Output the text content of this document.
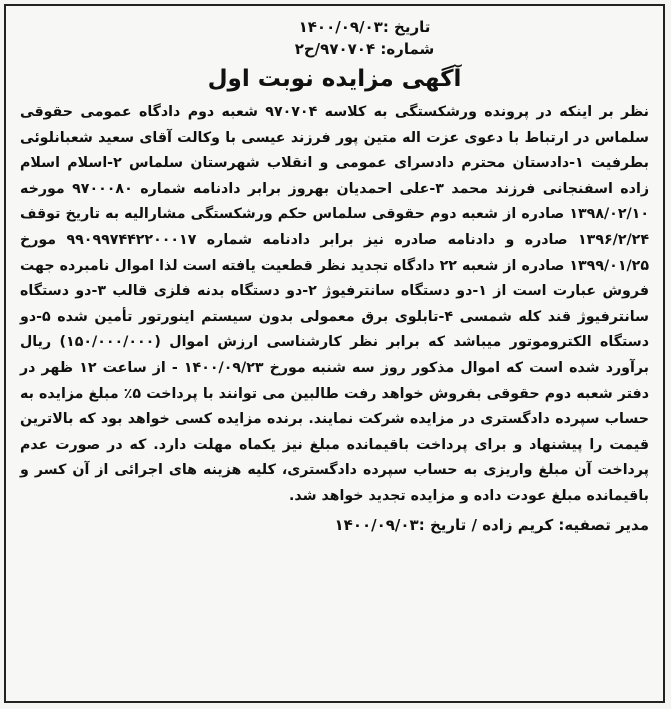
تاریخ :۱۴۰۰/۰۹/۰۳
شماره: ۹۷۰۷۰۴/ح۲
آگهی مزایده نوبت اول

نظر بر اینکه در پرونده ورشکستگی به کلاسه ۹۷۰۷۰۴ شعبه دوم دادگاه عمومی حقوقی سلماس در ارتباط با دعوی عزت اله متین پور فرزند عیسی با وکالت آقای سعید شعبانلوئی بطرفیت ۱-دادستان محترم دادسرای عمومی و انقلاب شهرستان سلماس ۲-اسلام اسلام زاده اسفنجانی فرزند محمد ۳-علی احمدیان بهروز برابر دادنامه شماره ۹۷۰۰۰۸۰ مورخه ۱۳۹۸/۰۲/۱۰ صادره از شعبه دوم حقوقی سلماس حکم ورشکستگی مشارالیه به تاریخ توقف ۱۳۹۶/۲/۲۴ صادره و دادنامه صادره نیز برابر دادنامه شماره ۹۹۰۹۹۷۴۴۲۲۰۰۰۱۷ مورخ ۱۳۹۹/۰۱/۲۵ صادره از شعبه ۲۲ دادگاه تجدید نظر قطعیت یافته است لذا اموال نامبرده جهت فروش عبارت است از ۱-دو دستگاه سانترفیوژ ۲-دو دستگاه بدنه فلزی قالب ۳-دو دستگاه سانترفیوژ قند کله شمسی ۴-تابلوی برق معمولی بدون سیستم اینورتور تأمین شده ۵-دو دستگاه الکتروموتور میباشد که برابر نظر کارشناسی ارزش اموال (۱۵۰/۰۰۰/۰۰۰) ریال برآورد شده است که اموال مذکور روز سه شنبه مورخ ۱۴۰۰/۰۹/۲۳ - از ساعت ۱۲ ظهر در دفتر شعبه دوم حقوقی بفروش خواهد رفت طالبین می توانند با پرداخت ۵٪ مبلغ مزایده به حساب سپرده دادگستری در مزایده شرکت نمایند. برنده مزایده کسی خواهد بود که بالاترین قیمت را پیشنهاد و برای پرداخت باقیمانده مبلغ نیز یکماه مهلت دارد. که در صورت عدم پرداخت آن مبلغ واریزی به حساب سپرده دادگستری، کلیه هزینه های اجرائی از آن کسر و باقیمانده مبلغ عودت داده و مزایده تجدید خواهد شد.

مدیر تصفیه: کریم زاده / تاریخ :۱۴۰۰/۰۹/۰۳
